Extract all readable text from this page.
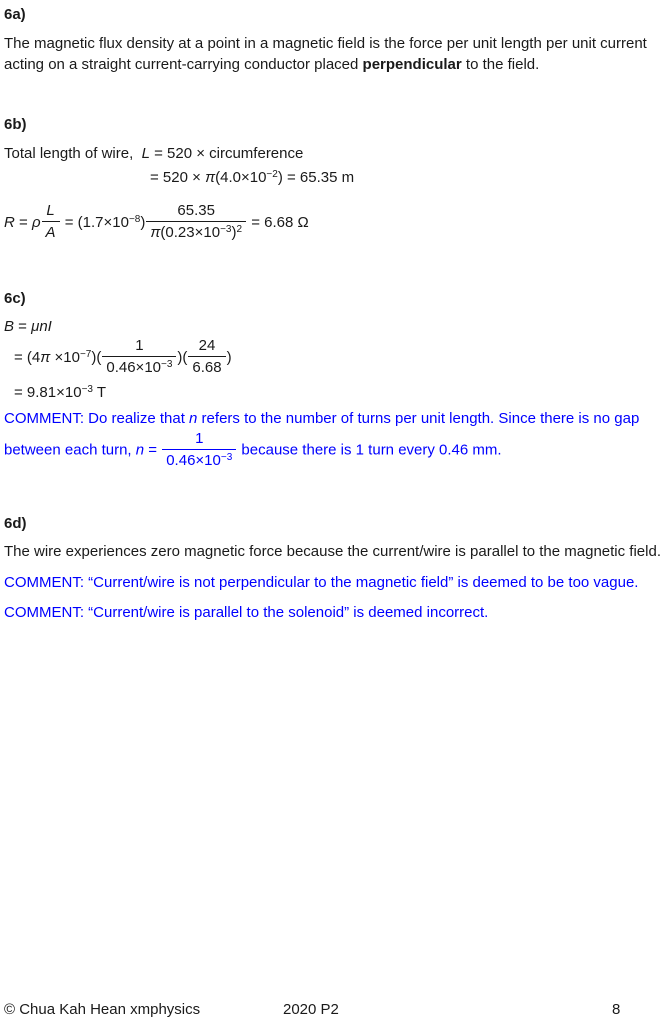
6a)
The magnetic flux density at a point in a magnetic field is the force per unit length per unit current acting on a straight current-carrying conductor placed perpendicular to the field.
6b)
Total length of wire,  L = 520 × circumference
= $520 \times \pi(4.0\times 10^{-2}) = 65.35$ m
R = ρ $\frac{L}{A} = (1.7\times 10^{-8}) \frac{65.35}{\pi(0.23\times 10^{-3})^2} = 6.68$ Ω
6c)
B = μnI
= $(4\pi \times 10^{-7})( \frac{1}{0.46\times 10^{-3}}$ )( $\frac{24}{6.68}$ )
= $9.81\times 10^{-3}$ T
COMMENT: Do realize that n refers to the number of turns per unit length. Since there is no gap between each turn, $n = \frac{1}{0.46\times 10^{-3}}$ because there is 1 turn every 0.46 mm.
6d)
The wire experiences zero magnetic force because the current/wire is parallel to the magnetic field.
COMMENT: “Current/wire is not perpendicular to the magnetic field” is deemed to be too vague.
COMMENT: “Current/wire is parallel to the solenoid” is deemed incorrect.
© Chua Kah Hean xmphysics	2020 P2	8
